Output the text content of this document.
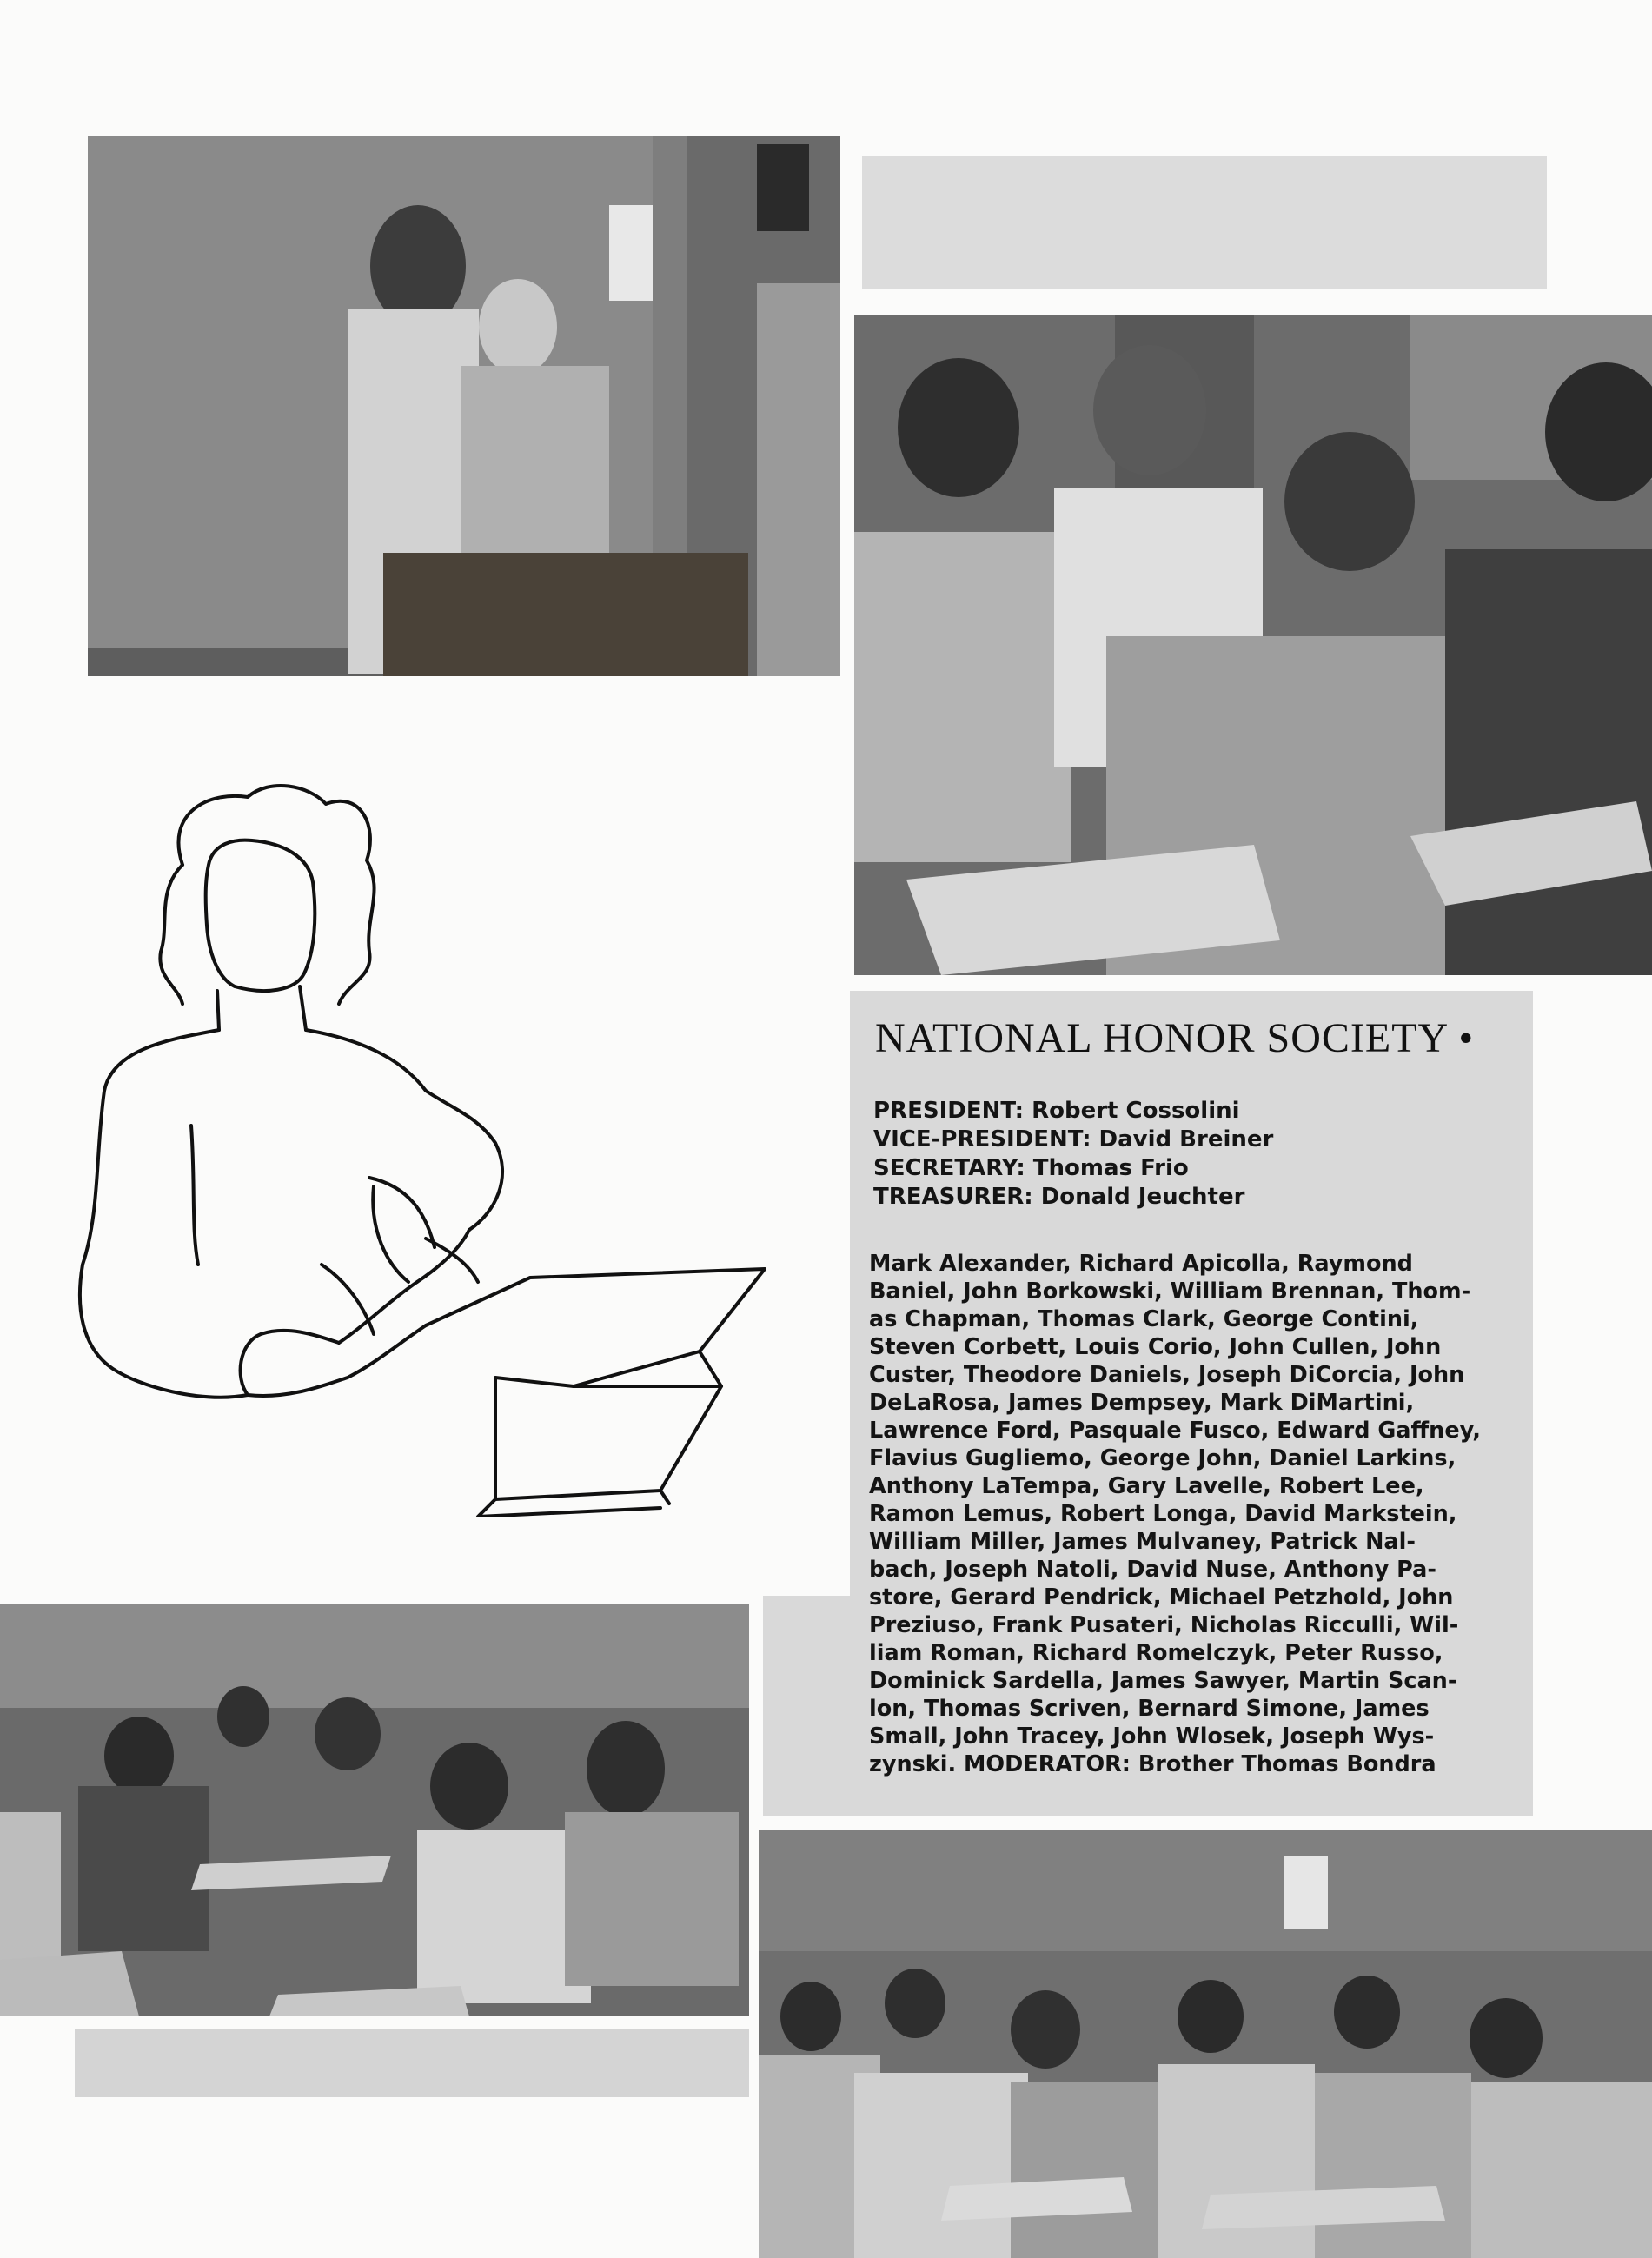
NATIONAL HONOR SOCIETY •
PRESIDENT: Robert Cossolini
VICE-PRESIDENT: David Breiner
SECRETARY: Thomas Frio
TREASURER: Donald Jeuchter
Mark Alexander, Richard Apicolla, Raymond
Baniel, John Borkowski, William Brennan, Thom-
as Chapman, Thomas Clark, George Contini,
Steven Corbett, Louis Corio, John Cullen, John
Custer, Theodore Daniels, Joseph DiCorcia, John
DeLaRosa, James Dempsey, Mark DiMartini,
Lawrence Ford, Pasquale Fusco, Edward Gaffney,
Flavius Gugliemo, George John, Daniel Larkins,
Anthony LaTempa, Gary Lavelle, Robert Lee,
Ramon Lemus, Robert Longa, David Markstein,
William Miller, James Mulvaney, Patrick Nal-
bach, Joseph Natoli, David Nuse, Anthony Pa-
store, Gerard Pendrick, Michael Petzhold, John
Preziuso, Frank Pusateri, Nicholas Ricculli, Wil-
liam Roman, Richard Romelczyk, Peter Russo,
Dominick Sardella, James Sawyer, Martin Scan-
lon, Thomas Scriven, Bernard Simone, James
Small, John Tracey, John Wlosek, Joseph Wys-
zynski. MODERATOR: Brother Thomas Bondra
